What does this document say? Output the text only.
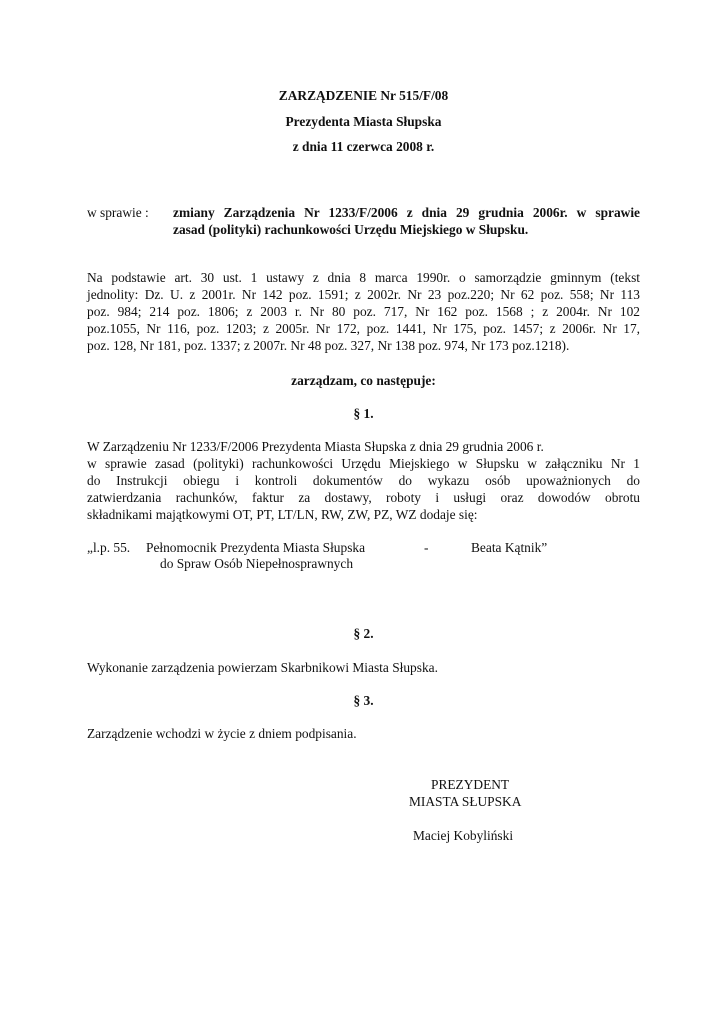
ZARZĄDZENIE Nr 515/F/08
Prezydenta Miasta Słupska
z dnia 11 czerwca 2008 r.
w sprawie : zmiany Zarządzenia Nr 1233/F/2006 z dnia 29 grudnia 2006r. w sprawie
zasad (polityki) rachunkowości Urzędu Miejskiego w Słupsku.
Na podstawie art. 30 ust. 1 ustawy z dnia 8 marca 1990r. o samorządzie gminnym (tekst
jednolity: Dz. U. z 2001r. Nr 142 poz. 1591; z 2002r. Nr 23 poz.220; Nr 62 poz. 558; Nr 113
poz. 984; 214 poz. 1806; z 2003 r. Nr 80 poz. 717, Nr 162 poz. 1568 ; z 2004r. Nr 102
poz.1055, Nr 116, poz. 1203; z 2005r. Nr 172, poz. 1441, Nr 175, poz. 1457; z 2006r. Nr 17,
poz. 128, Nr 181, poz. 1337; z 2007r. Nr 48 poz. 327, Nr 138 poz. 974, Nr 173 poz.1218).
zarządzam, co następuje:
§ 1.
W Zarządzeniu Nr 1233/F/2006 Prezydenta Miasta Słupska z dnia 29 grudnia 2006 r.
w sprawie zasad (polityki) rachunkowości Urzędu Miejskiego w Słupsku w załączniku Nr 1
do Instrukcji obiegu i kontroli dokumentów do wykazu osób upoważnionych do
zatwierdzania rachunków, faktur za dostawy, roboty i usługi oraz dowodów obrotu
składnikami majątkowymi OT, PT, LT/LN, RW, ZW, PZ, WZ dodaje się:
„l.p. 55. Pełnomocnik Prezydenta Miasta Słupska	-	Beata Kątnik”
do Spraw Osób Niepełnosprawnych
§ 2.
Wykonanie zarządzenia powierzam Skarbnikowi Miasta Słupska.
§ 3.
Zarządzenie wchodzi w życie z dniem podpisania.
PREZYDENT
MIASTA SŁUPSKA
Maciej Kobyliński
